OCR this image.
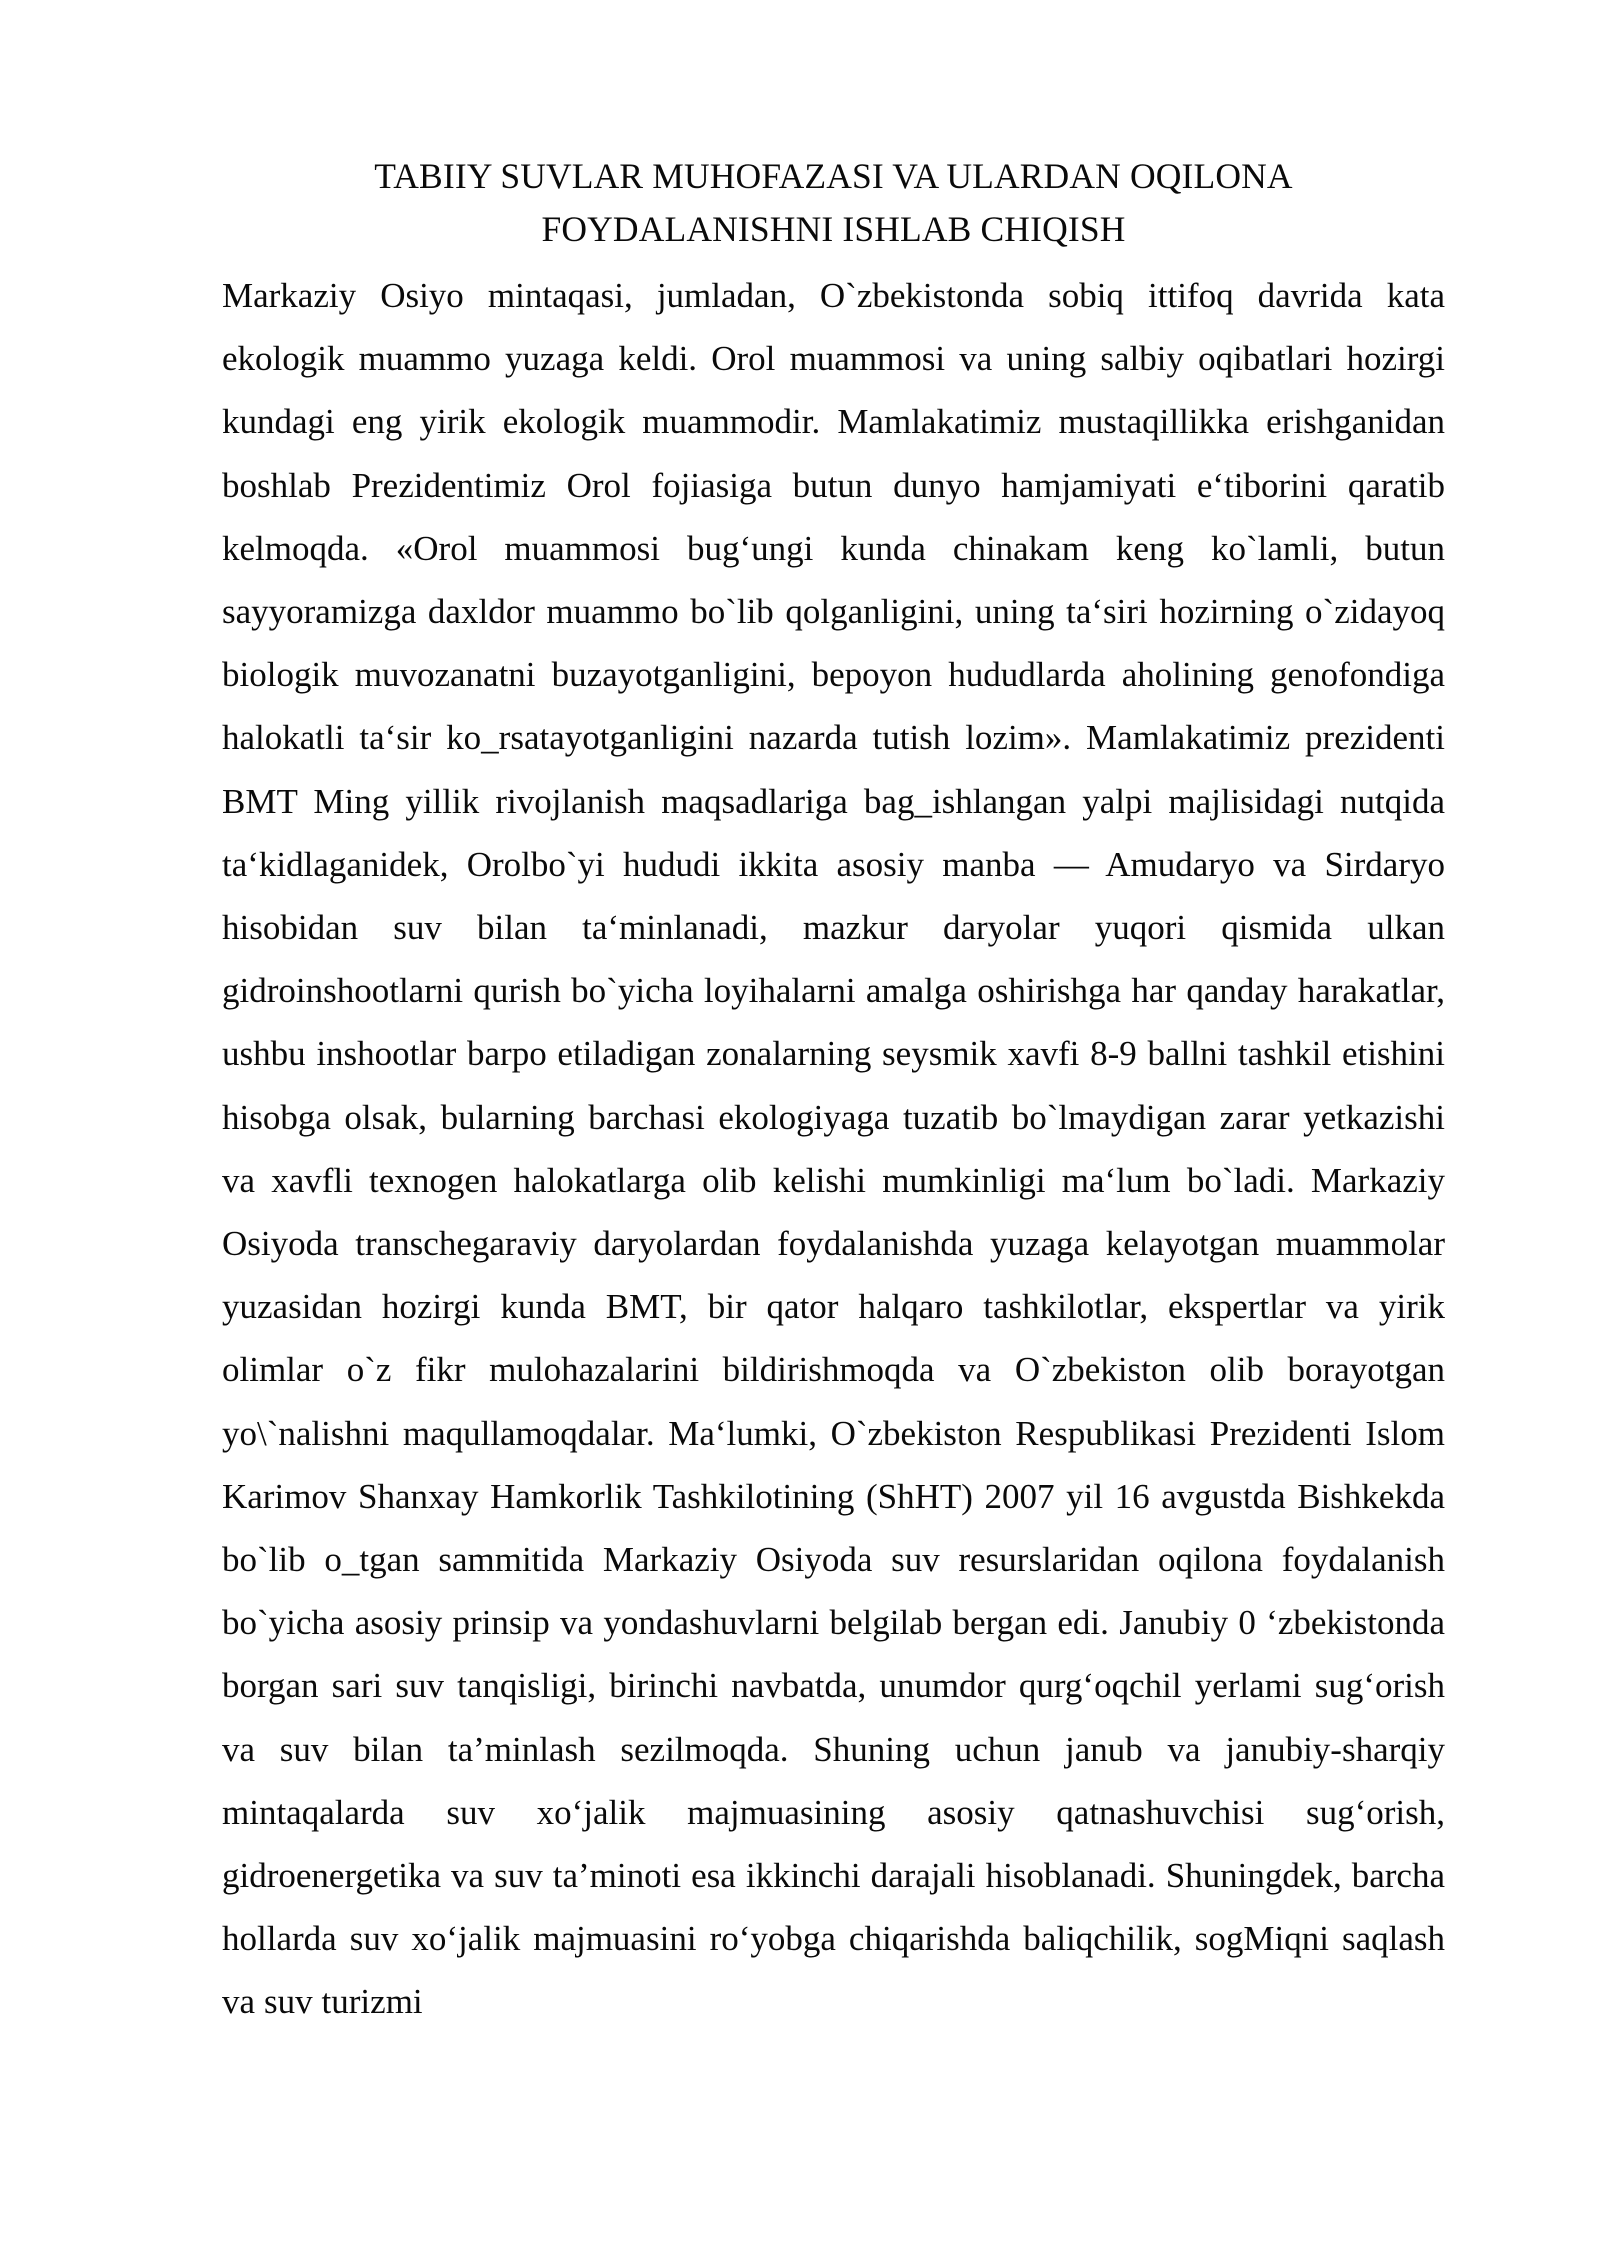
TABIIY SUVLAR MUHOFAZASI VA ULARDAN OQILONA
FOYDALANISHNI ISHLAB CHIQISH

Markaziy Osiyo mintaqasi, jumladan, O`zbekistonda sobiq ittifoq davrida kata ekologik muammo yuzaga keldi. Orol muammosi va uning salbiy oqibatlari hozirgi kundagi eng yirik ekologik muammodir. Mamlakatimiz mustaqillikka erishganidan boshlab Prezidentimiz Orol fojiasiga butun dunyo hamjamiyati e‘tiborini qaratib kelmoqda. «Orol muammosi bug‘ungi kunda chinakam keng ko`lamli, butun sayyoramizga daxldor muammo bo`lib qolganligini, uning ta‘siri hozirning o`zidayoq biologik muvozanatni buzayotganligini, bepoyon hududlarda aholining genofondiga halokatli ta‘sir ko_rsatayotganligini nazarda tutish lozim». Mamlakatimiz prezidenti BMT Ming yillik rivojlanish maqsadlariga bag_ishlangan yalpi majlisidagi nutqida ta‘kidlaganidek, Orolbo`yi hududi ikkita asosiy manba — Amudaryo va Sirdaryo hisobidan suv bilan ta‘minlanadi, mazkur daryolar yuqori qismida ulkan gidroinshootlarni qurish bo`yicha loyihalarni amalga oshirishga har qanday harakatlar, ushbu inshootlar barpo etiladigan zonalarning seysmik xavfi 8-9 ballni tashkil etishini hisobga olsak, bularning barchasi ekologiyaga tuzatib bo`lmaydigan zarar yetkazishi va xavfli texnogen halokatlarga olib kelishi mumkinligi ma‘lum bo`ladi. Markaziy Osiyoda transchegaraviy daryolardan foydalanishda yuzaga kelayotgan muammolar yuzasidan hozirgi kunda BMT, bir qator halqaro tashkilotlar, ekspertlar va yirik olimlar o`z fikr mulohazalarini bildirishmoqda va O`zbekiston olib borayotgan yo\`nalishni maqullamoqdalar. Ma‘lumki, O`zbekiston Respublikasi Prezidenti Islom Karimov Shanxay Hamkorlik Tashkilotining (ShHT) 2007 yil 16 avgustda Bishkekda bo`lib o_tgan sammitida Markaziy Osiyoda suv resurslaridan oqilona foydalanish bo`yicha asosiy prinsip va yondashuvlarni belgilab bergan edi. Janubiy 0 ‘zbekistonda borgan sari suv tanqisligi, birinchi navbatda, unumdor qurg‘oqchil yerlami sug‘orish va suv bilan ta’minlash sezilmoqda. Shuning uchun janub va janubiy-sharqiy mintaqalarda suv xo‘jalik majmuasining asosiy qatnashuvchisi sug‘orish, gidroenergetika va suv ta’minoti esa ikkinchi darajali hisoblanadi. Shuningdek, barcha hollarda suv xo‘jalik majmuasini ro‘yobga chiqarishda baliqchilik, sogMiqni saqlash va suv turizmi
